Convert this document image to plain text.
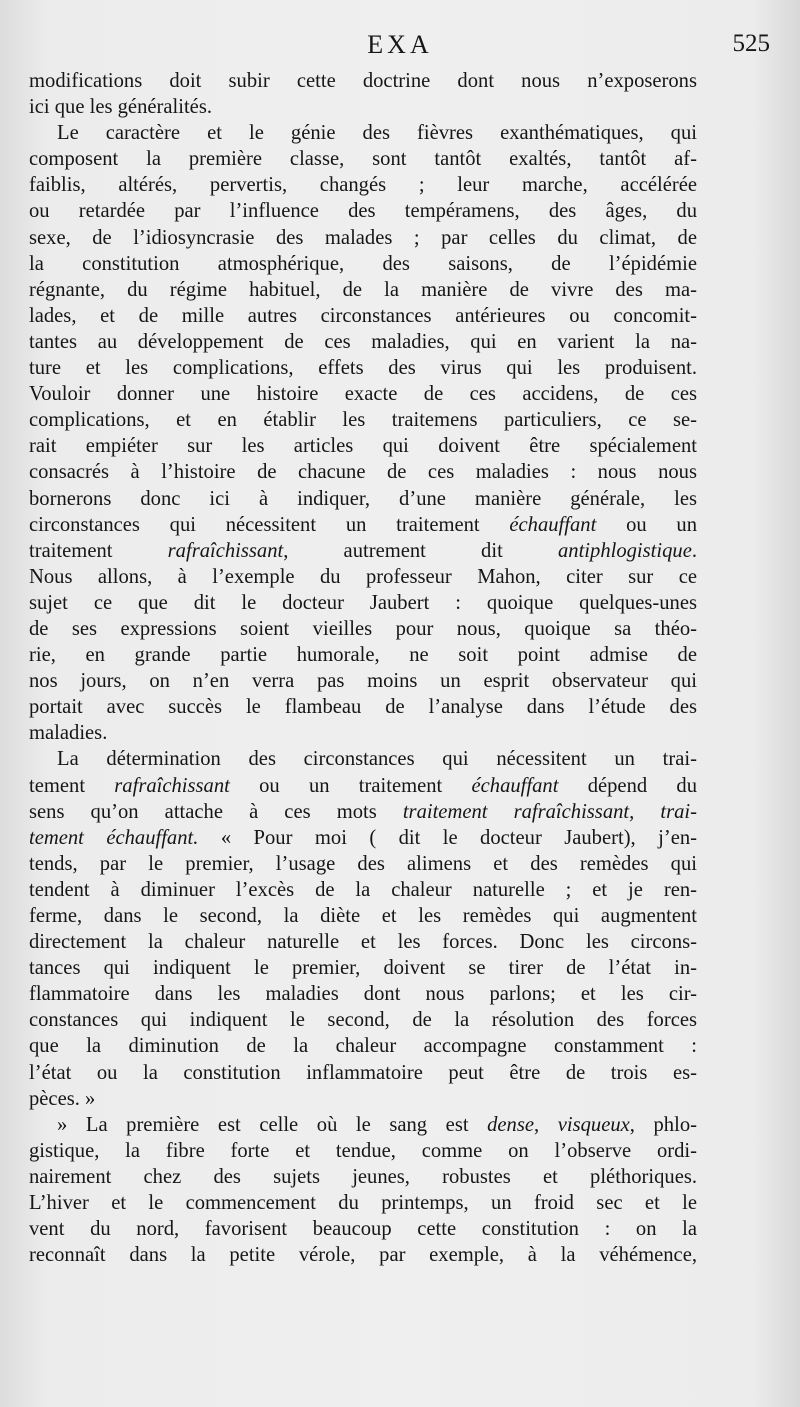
EXA	525
modifications doit subir cette doctrine dont nous n’exposerons
ici que les généralités.
Le caractère et le génie des fièvres exanthématiques, qui
composent la première classe, sont tantôt exaltés, tantôt af-
faiblis, altérés, pervertis, changés ; leur marche, accélérée
ou retardée par l’influence des tempéramens, des âges, du
sexe, de l’idiosyncrasie des malades ; par celles du climat, de
la constitution atmosphérique, des saisons, de l’épidémie
régnante, du régime habituel, de la manière de vivre des ma-
lades, et de mille autres circonstances antérieures ou concomit-
tantes au développement de ces maladies, qui en varient la na-
ture et les complications, effets des virus qui les produisent.
Vouloir donner une histoire exacte de ces accidens, de ces
complications, et en établir les traitemens particuliers, ce se-
rait empiéter sur les articles qui doivent être spécialement
consacrés à l’histoire de chacune de ces maladies : nous nous
bornerons donc ici à indiquer, d’une manière générale, les
circonstances qui nécessitent un traitement échauffant ou un
traitement rafraîchissant, autrement dit antiphlogistique.
Nous allons, à l’exemple du professeur Mahon, citer sur ce
sujet ce que dit le docteur Jaubert : quoique quelques-unes
de ses expressions soient vieilles pour nous, quoique sa théo-
rie, en grande partie humorale, ne soit point admise de
nos jours, on n’en verra pas moins un esprit observateur qui
portait avec succès le flambeau de l’analyse dans l’étude des
maladies.
La détermination des circonstances qui nécessitent un trai-
tement rafraîchissant ou un traitement échauffant dépend du
sens qu’on attache à ces mots traitement rafraîchissant, trai-
tement échauffant. « Pour moi ( dit le docteur Jaubert), j’en-
tends, par le premier, l’usage des alimens et des remèdes qui
tendent à diminuer l’excès de la chaleur naturelle ; et je ren-
ferme, dans le second, la diète et les remèdes qui augmentent
directement la chaleur naturelle et les forces. Donc les circons-
tances qui indiquent le premier, doivent se tirer de l’état in-
flammatoire dans les maladies dont nous parlons; et les cir-
constances qui indiquent le second, de la résolution des forces
que la diminution de la chaleur accompagne constamment :
l’état ou la constitution inflammatoire peut être de trois es-
pèces. »
» La première est celle où le sang est dense, visqueux, phlo-
gistique, la fibre forte et tendue, comme on l’observe ordi-
nairement chez des sujets jeunes, robustes et pléthoriques.
L’hiver et le commencement du printemps, un froid sec et le
vent du nord, favorisent beaucoup cette constitution : on la
reconnaît dans la petite vérole, par exemple, à la véhémence,
